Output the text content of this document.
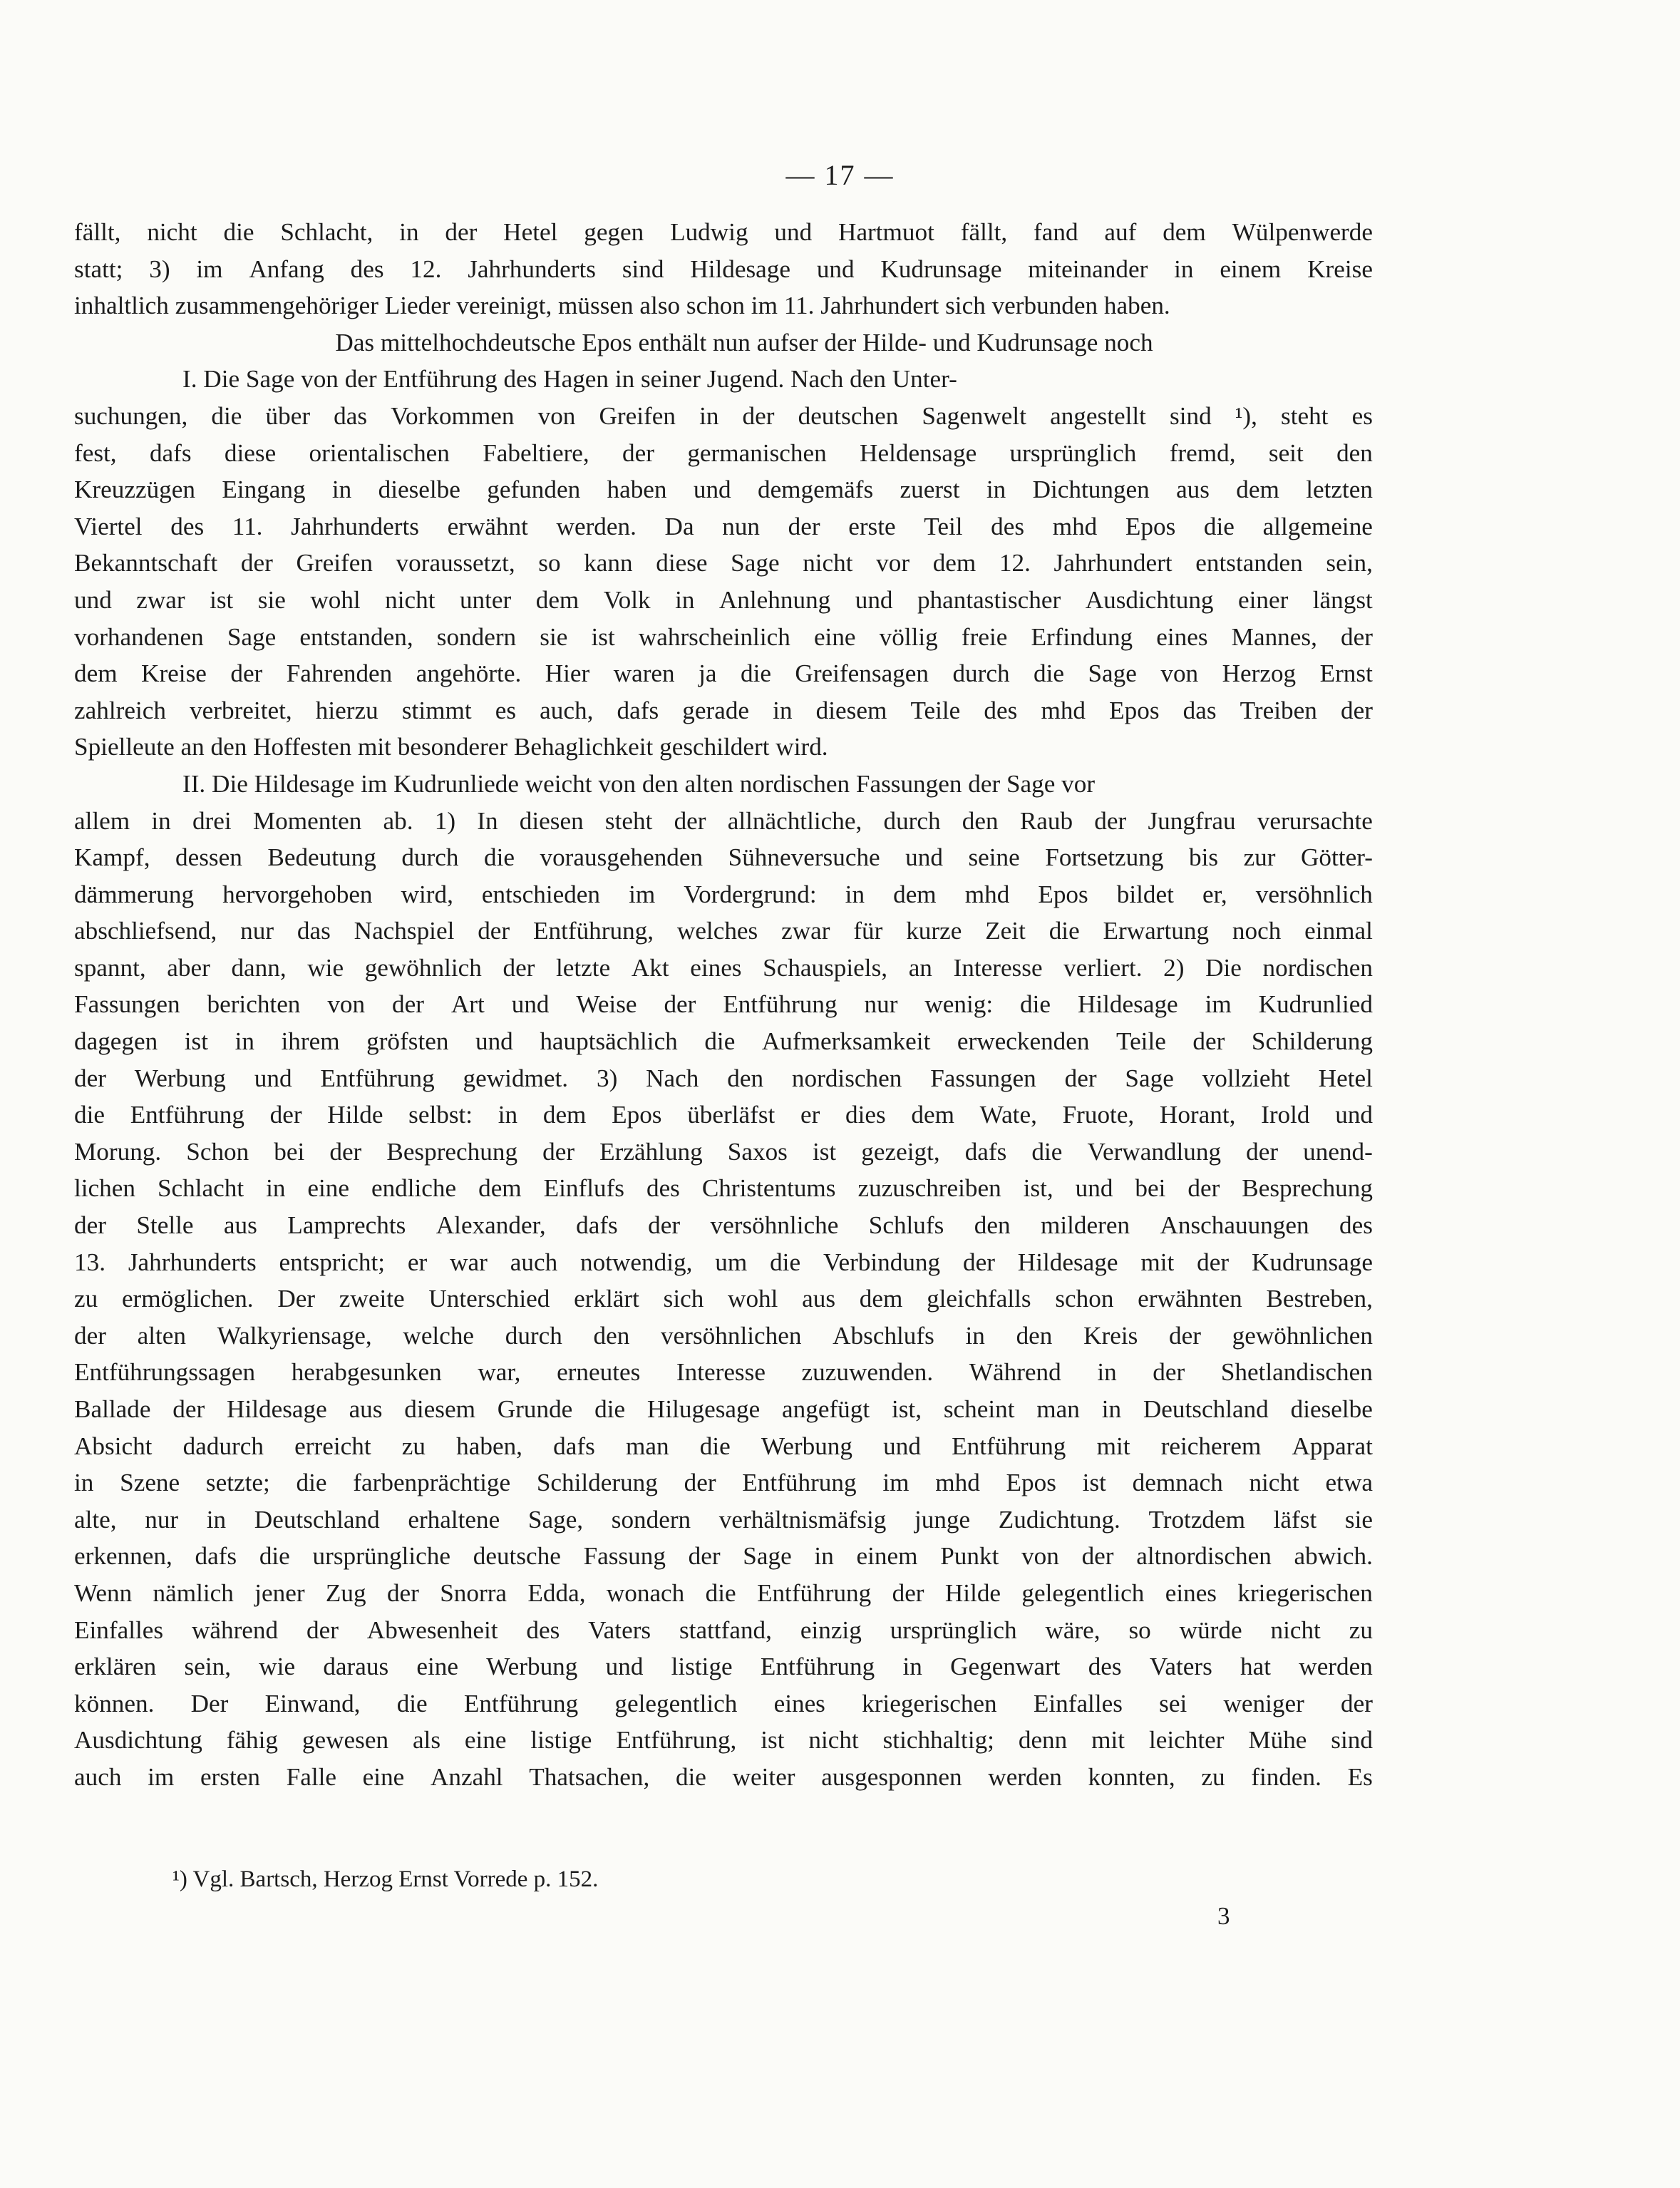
— 17 —
fällt, nicht die Schlacht, in der Hetel gegen Ludwig und Hartmuot fällt, fand auf dem Wülpenwerde
statt; 3) im Anfang des 12. Jahrhunderts sind Hildesage und Kudrunsage miteinander in einem Kreise
inhaltlich zusammengehöriger Lieder vereinigt, müssen also schon im 11. Jahrhundert sich verbunden haben.
Das mittelhochdeutsche Epos enthält nun aufser der Hilde- und Kudrunsage noch
I. Die Sage von der Entführung des Hagen in seiner Jugend. Nach den Unter-
suchungen, die über das Vorkommen von Greifen in der deutschen Sagenwelt angestellt sind ¹), steht es
fest, dafs diese orientalischen Fabeltiere, der germanischen Heldensage ursprünglich fremd, seit den
Kreuzzügen Eingang in dieselbe gefunden haben und demgemäfs zuerst in Dichtungen aus dem letzten
Viertel des 11. Jahrhunderts erwähnt werden. Da nun der erste Teil des mhd Epos die allgemeine
Bekanntschaft der Greifen voraussetzt, so kann diese Sage nicht vor dem 12. Jahrhundert entstanden sein,
und zwar ist sie wohl nicht unter dem Volk in Anlehnung und phantastischer Ausdichtung einer längst
vorhandenen Sage entstanden, sondern sie ist wahrscheinlich eine völlig freie Erfindung eines Mannes, der
dem Kreise der Fahrenden angehörte. Hier waren ja die Greifensagen durch die Sage von Herzog Ernst
zahlreich verbreitet, hierzu stimmt es auch, dafs gerade in diesem Teile des mhd Epos das Treiben der
Spielleute an den Hoffesten mit besonderer Behaglichkeit geschildert wird.
II. Die Hildesage im Kudrunliede weicht von den alten nordischen Fassungen der Sage vor
allem in drei Momenten ab. 1) In diesen steht der allnächtliche, durch den Raub der Jungfrau verursachte
Kampf, dessen Bedeutung durch die vorausgehenden Sühneversuche und seine Fortsetzung bis zur Götter-
dämmerung hervorgehoben wird, entschieden im Vordergrund: in dem mhd Epos bildet er, versöhnlich
abschliefsend, nur das Nachspiel der Entführung, welches zwar für kurze Zeit die Erwartung noch einmal
spannt, aber dann, wie gewöhnlich der letzte Akt eines Schauspiels, an Interesse verliert. 2) Die nordischen
Fassungen berichten von der Art und Weise der Entführung nur wenig: die Hildesage im Kudrunlied
dagegen ist in ihrem gröfsten und hauptsächlich die Aufmerksamkeit erweckenden Teile der Schilderung
der Werbung und Entführung gewidmet. 3) Nach den nordischen Fassungen der Sage vollzieht Hetel
die Entführung der Hilde selbst: in dem Epos überläfst er dies dem Wate, Fruote, Horant, Irold und
Morung. Schon bei der Besprechung der Erzählung Saxos ist gezeigt, dafs die Verwandlung der unend-
lichen Schlacht in eine endliche dem Einflufs des Christentums zuzuschreiben ist, und bei der Besprechung
der Stelle aus Lamprechts Alexander, dafs der versöhnliche Schlufs den milderen Anschauungen des
13. Jahrhunderts entspricht; er war auch notwendig, um die Verbindung der Hildesage mit der Kudrunsage
zu ermöglichen. Der zweite Unterschied erklärt sich wohl aus dem gleichfalls schon erwähnten Bestreben,
der alten Walkyriensage, welche durch den versöhnlichen Abschlufs in den Kreis der gewöhnlichen
Entführungssagen herabgesunken war, erneutes Interesse zuzuwenden. Während in der Shetlandischen
Ballade der Hildesage aus diesem Grunde die Hilugesage angefügt ist, scheint man in Deutschland dieselbe
Absicht dadurch erreicht zu haben, dafs man die Werbung und Entführung mit reicherem Apparat
in Szene setzte; die farbenprächtige Schilderung der Entführung im mhd Epos ist demnach nicht etwa
alte, nur in Deutschland erhaltene Sage, sondern verhältnismäfsig junge Zudichtung. Trotzdem läfst sie
erkennen, dafs die ursprüngliche deutsche Fassung der Sage in einem Punkt von der altnordischen abwich.
Wenn nämlich jener Zug der Snorra Edda, wonach die Entführung der Hilde gelegentlich eines kriegerischen
Einfalles während der Abwesenheit des Vaters stattfand, einzig ursprünglich wäre, so würde nicht zu
erklären sein, wie daraus eine Werbung und listige Entführung in Gegenwart des Vaters hat werden
können. Der Einwand, die Entführung gelegentlich eines kriegerischen Einfalles sei weniger der
Ausdichtung fähig gewesen als eine listige Entführung, ist nicht stichhaltig; denn mit leichter Mühe sind
auch im ersten Falle eine Anzahl Thatsachen, die weiter ausgesponnen werden konnten, zu finden. Es
¹) Vgl. Bartsch, Herzog Ernst Vorrede p. 152.
3
